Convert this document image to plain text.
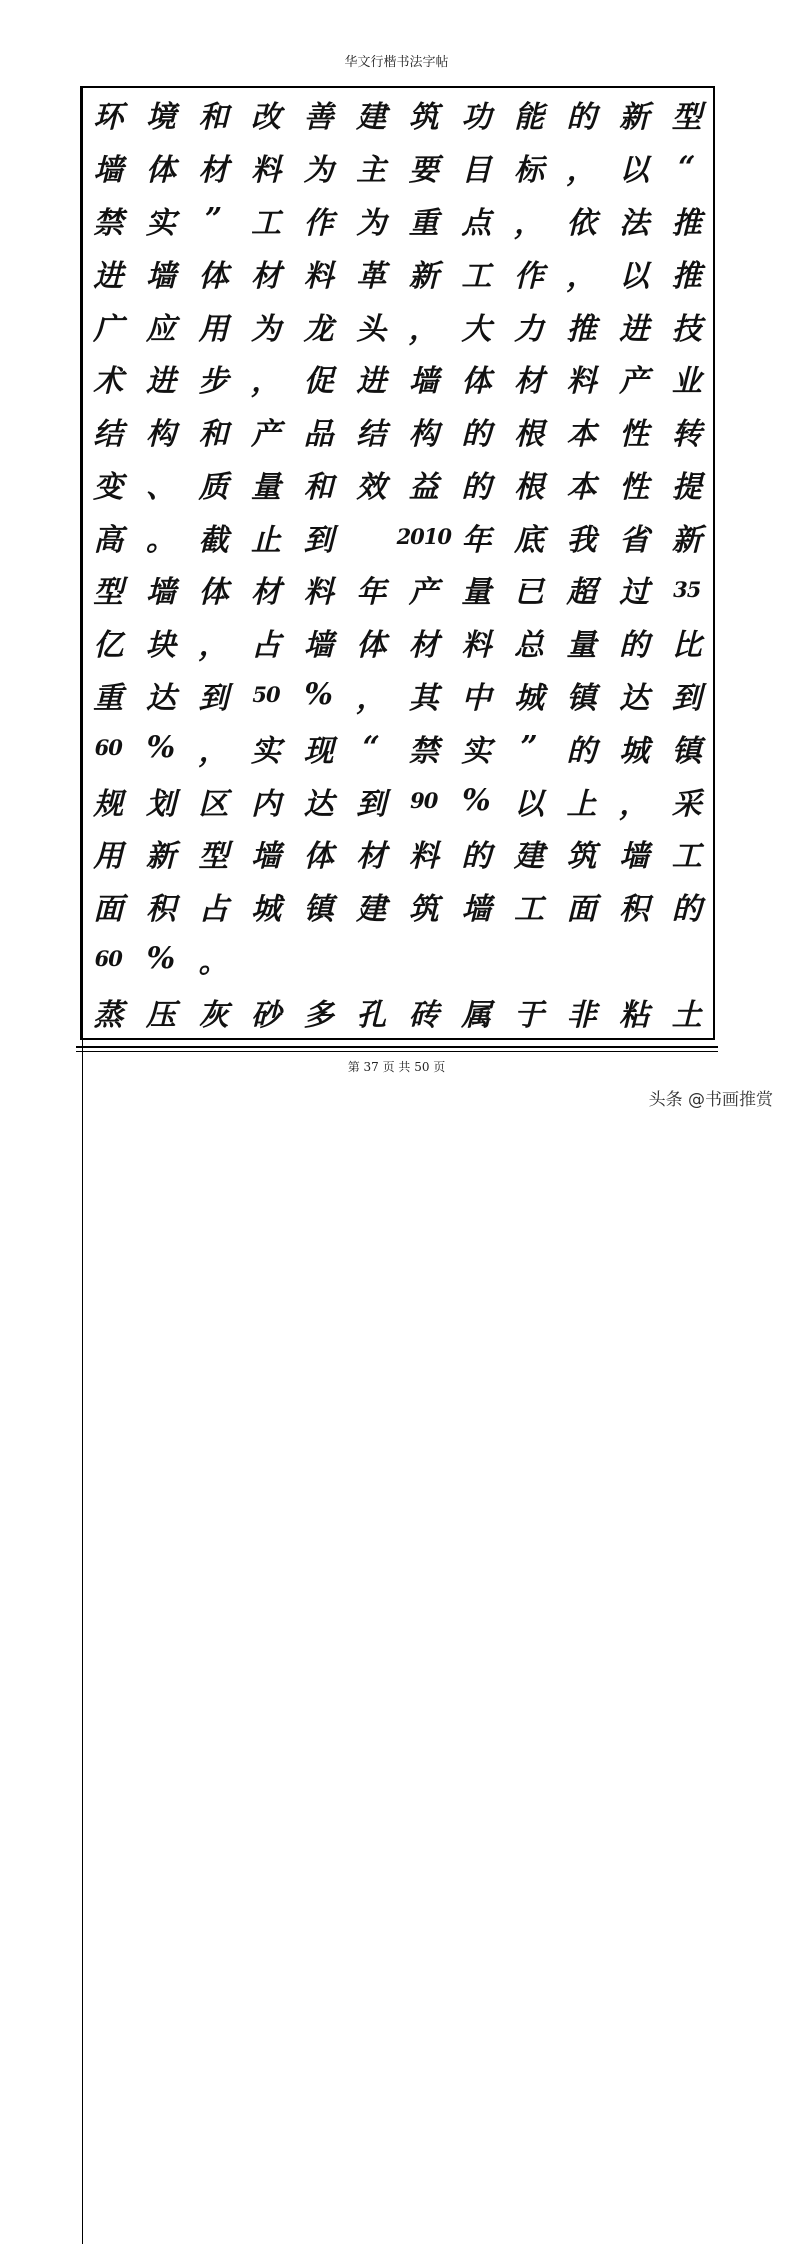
华文行楷书法字帖
环 境 和 改 善 建 筑 功 能 的 新 型
墙 体 材 料 为 主 要 目 标 ， 以 “
禁 实 ” 工 作 为 重 点 ， 依 法 推
进 墙 体 材 料 革 新 工 作 ， 以 推
广 应 用 为 龙 头 ， 大 力 推 进 技
术 进 步 ， 促 进 墙 体 材 料 产 业
结 构 和 产 品 结 构 的 根 本 性 转
变 、 质 量 和 效 益 的 根 本 性 提
高 。 截 止 到	2010 年 底 我 省 新
型 墙 体 材 料 年 产 量 已 超 过	35
亿 块 ， 占 墙 体 材 料 总 量 的 比
重 达 到	50 % ， 其 中 城 镇 达 到
60 % ， 实 现 “ 禁 实 ” 的 城 镇
规 划 区 内 达 到	90 % 以 上 ， 采
用 新 型 墙 体 材 料 的 建 筑 墙 工
面 积 占 城 镇 建 筑 墙 工 面 积 的
60 % 。
蒸 压 灰 砂 多 孔 砖 属 于 非 粘 土
第 37 页 共 50 页
头条 @书画推赏
